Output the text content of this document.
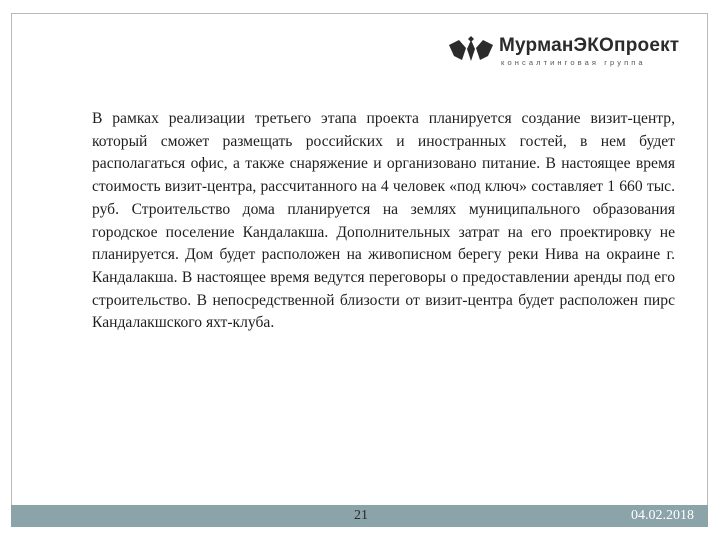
МурманЭКОпроект
консалтинговая группа

В рамках реализации третьего этапа проекта планируется создание визит-центр, который сможет размещать российских и иностранных гостей, в нем будет располагаться офис, а также снаряжение и организовано питание. В настоящее время стоимость визит-центра, рассчитанного на 4 человек «под ключ» составляет 1 660 тыс. руб. Строительство дома планируется на землях муниципального образования городское поселение Кандалакша. Дополнительных затрат на его проектировку не планируется. Дом будет расположен на живописном берегу реки Нива на окраине г. Кандалакша. В настоящее время ведутся переговоры о предоставлении аренды под его строительство. В непосредственной близости от визит-центра будет расположен пирс Кандалакшского яхт-клуба.

21	04.02.2018
